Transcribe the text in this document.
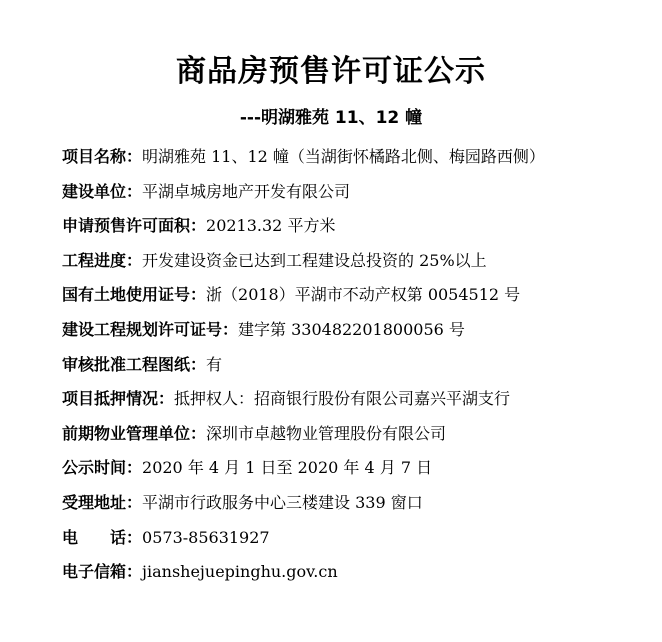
商品房预售许可证公示
---明湖雅苑 11、12 幢
项目名称：明湖雅苑 11、12 幢（当湖街怀橘路北侧、梅园路西侧）
建设单位：平湖卓城房地产开发有限公司
申请预售许可面积：20213.32 平方米
工程进度：开发建设资金已达到工程建设总投资的 25%以上
国有土地使用证号：浙（2018）平湖市不动产权第 0054512 号
建设工程规划许可证号：建字第 330482201800056 号
审核批准工程图纸：有
项目抵押情况：抵押权人：招商银行股份有限公司嘉兴平湖支行
前期物业管理单位：深圳市卓越物业管理股份有限公司
公示时间：2020 年 4 月 1 日至 2020 年 4 月 7 日
受理地址：平湖市行政服务中心三楼建设 339 窗口
电 话：0573-85631927
电子信箱：jianshejuepinghu.gov.cn
